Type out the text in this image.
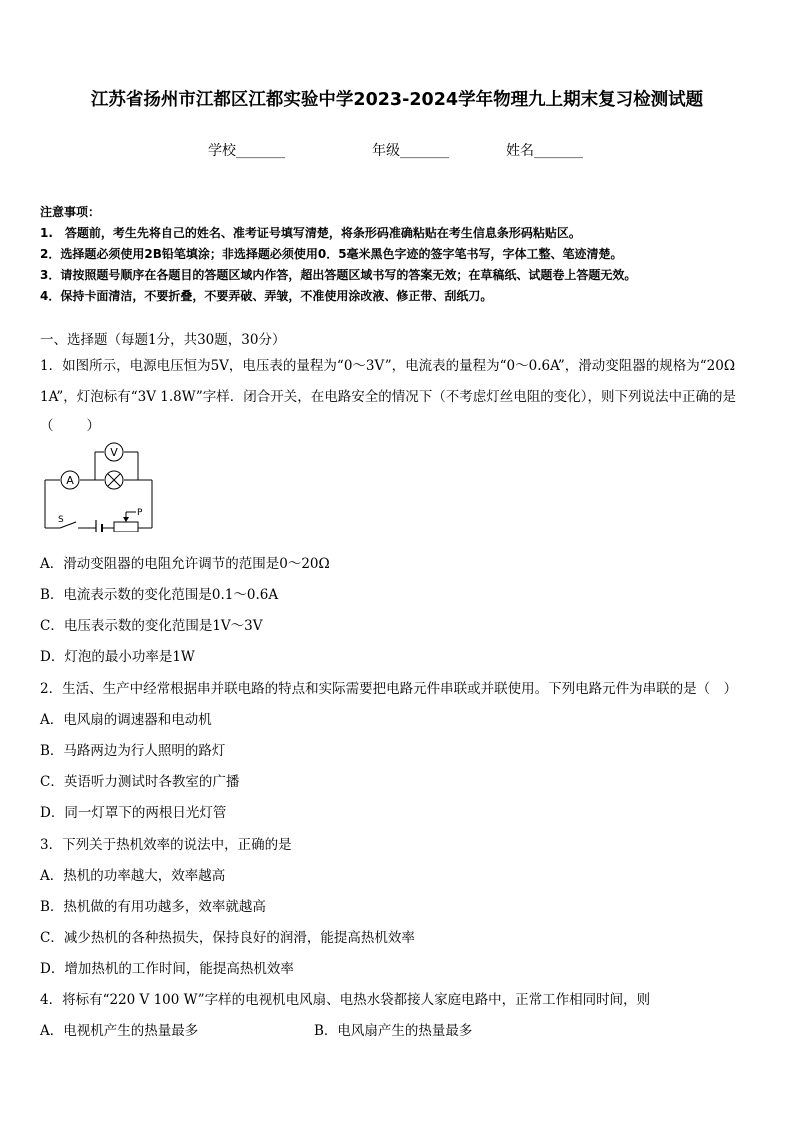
江苏省扬州市江都区江都实验中学2023-2024学年物理九上期末复习检测试题
学校_______	年级_______	姓名_______
注意事项：
1.　答题前，考生先将自己的姓名、准考证号填写清楚，将条形码准确粘贴在考生信息条形码粘贴区。
2．选择题必须使用2B铅笔填涂；非选择题必须使用0．5毫米黑色字迹的签字笔书写，字体工整、笔迹清楚。
3．请按照题号顺序在各题目的答题区域内作答，超出答题区域书写的答案无效；在草稿纸、试题卷上答题无效。
4．保持卡面清洁，不要折叠，不要弄破、弄皱，不准使用涂改液、修正带、刮纸刀。
一、选择题（每题1分，共30题，30分）
1．如图所示，电源电压恒为5V，电压表的量程为“0～3V”，电流表的量程为“0～0.6A”，滑动变阻器的规格为“20Ω
1A”，灯泡标有“3V 1.8W”字样．闭合开关，在电路安全的情况下（不考虑灯丝电阻的变化），则下列说法中正确的是
（　　）
A
V
S
P
A．滑动变阻器的电阻允许调节的范围是0～20Ω
B．电流表示数的变化范围是0.1～0.6A
C．电压表示数的变化范围是1V～3V
D．灯泡的最小功率是1W
2．生活、生产中经常根据串并联电路的特点和实际需要把电路元件串联或并联使用。下列电路元件为串联的是（　）
A．电风扇的调速器和电动机
B．马路两边为行人照明的路灯
C．英语听力测试时各教室的广播
D．同一灯罩下的两根日光灯管
3．下列关于热机效率的说法中，正确的是
A．热机的功率越大，效率越高
B．热机做的有用功越多，效率就越高
C．减少热机的各种热损失，保持良好的润滑，能提高热机效率
D．增加热机的工作时间，能提高热机效率
4．将标有“220 V 100 W”字样的电视机电风扇、电热水袋都接人家庭电路中，正常工作相同时间，则
A．电视机产生的热量最多	B．电风扇产生的热量最多
